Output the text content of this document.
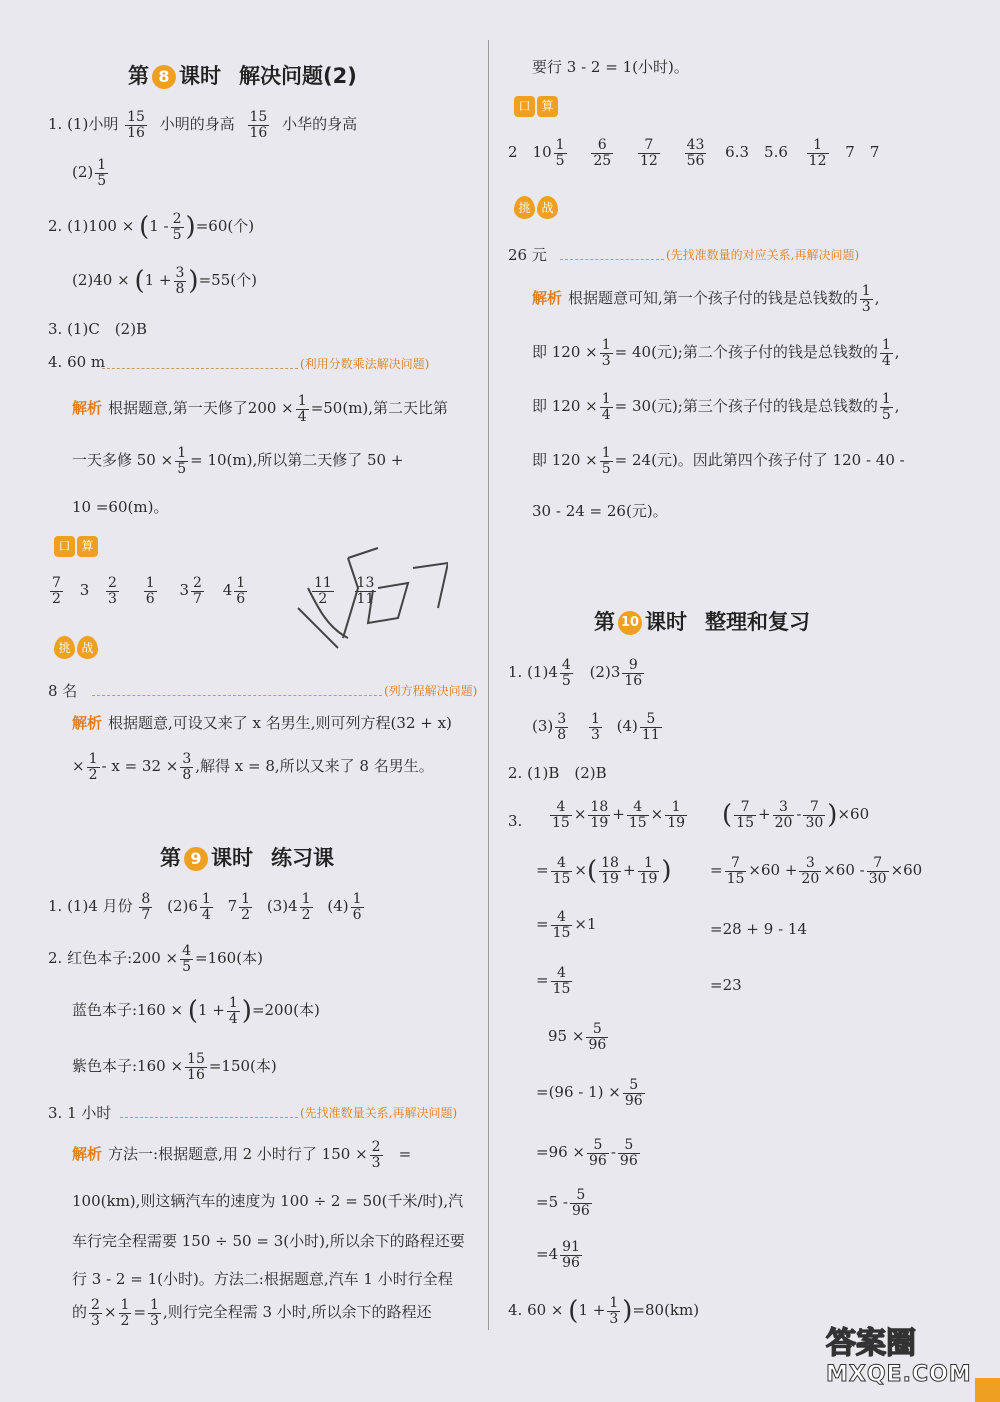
第 8 课时 解决问题(2)
1. (1)小明 $\frac{15}{16}$ 小明的身高 $\frac{15}{16}$ 小华的身高
$(2) \frac{1}{5}$
2. $(1)100 \times (1 - \frac{2}{5} )=60$(个)
$(2)40 \times (1 + \frac{3}{8} )=55$(个)
3. (1)C　(2)B
4. 60 m	(利用分数乘法解决问题)
解析 根据题意,第一天修了$200 \times \frac{1}{4} =50(m)$,第二天比第
一天多修 $50 \times \frac{1}{5} = 10(m)$,所以第二天修了 50 +
10 =60(m)。
口 算
$\frac{7}{2} 3 \frac{2}{3}$
$\frac{1}{6} 3 \frac{2}{7} 4 \frac{1}{6}$
	$\frac{11}{2}$
$\frac{13}{11}$
挑 战
8 名	(列方程解决问题)
解析 根据题意,可设又来了 x 名男生,则可列方程(32 + x)
× $\frac{1}{2} - x = 32 \times \frac{3}{8}$ ,解得 x = 8,所以又来了 8 名男生。
第 9 课时 练习课
1. (1)4 月份 $\frac{8}{7} (2)6 \frac{1}{4} 7 \frac{1}{2} (3)4 \frac{1}{2} (4) \frac{1}{6}$
2. 红色本子:200 × $\frac{4}{5} =160$(本)
蓝色本子:160 × $(1 + \frac{1}{4} )=200$(本)
紫色本子:160 × $\frac{15}{16} =150$(本)
3. 1 小时	(先找准数量关系,再解决问题)
解析 方法一:根据题意,用 2 小时行了 $150 \times \frac{2}{3}$ =
100(km),则这辆汽车的速度为 100 ÷ 2 = 50(千米/时),汽
车行完全程需要 150 ÷ 50 = 3(小时),所以余下的路程还要
行 3 - 2 = 1(小时)。方法二:根据题意,汽车 1 小时行全程
的 $\frac{2}{3} \times \frac{1}{2} = \frac{1}{3}$ ,则行完全程需 3 小时,所以余下的路程还
要行 3 - 2 = 1(小时)。
口 算
2　$10 \frac{1}{5}$
$\frac{6}{25}$
$\frac{7}{12}$
$\frac{43}{56} 6.3$　$5.6 \frac{1}{12} 7$　7
挑 战
26 元	(先找准数量的对应关系,再解决问题)
解析 根据题意可知,第一个孩子付的钱是总钱数的 $\frac{1}{3}$ ,
即 $120 \times \frac{1}{3} = 40$(元);第二个孩子付的钱是总钱数的 $\frac{1}{4}$ ,
即 $120 \times \frac{1}{4} = 30$(元);第三个孩子付的钱是总钱数的 $\frac{1}{5}$ ,
即 $120 \times \frac{1}{5} = 24$(元)。因此第四个孩子付了 120 - 40 -
30 - 24 = 26(元)。
第 10 课时 整理和复习
1. $(1)4 \frac{4}{5} (2)3 \frac{9}{16}$
$(3) \frac{3}{8}$
$\frac{1}{3} (4) \frac{5}{11}$
2. (1)B　(2)B
3. $\frac{4}{15} \times \frac{18}{19} + \frac{4}{15} \times \frac{1}{19}$ ( $\frac{7}{15} + \frac{3}{20} - \frac{7}{30} )\times 60$
= $\frac{4}{15}$ ×( $\frac{18}{19} + \frac{1}{19}$ )	= $\frac{7}{15} \times 60 + \frac{3}{20} \times 60 - \frac{7}{30} \times 60$
= $\frac{4}{15} \times 1$	=28 + 9 - 14
= $\frac{4}{15}$	=23
$95 \times \frac{5}{96}$
$=(96 - 1) \times \frac{5}{96}$
$=96 \times \frac{5}{96} - \frac{5}{96}$
$=5 - \frac{5}{96}$
$=4 \frac{91}{96}$
4. $60 \times (1 + \frac{1}{3} )=80(km)$
答案圈
MXQE.COM
